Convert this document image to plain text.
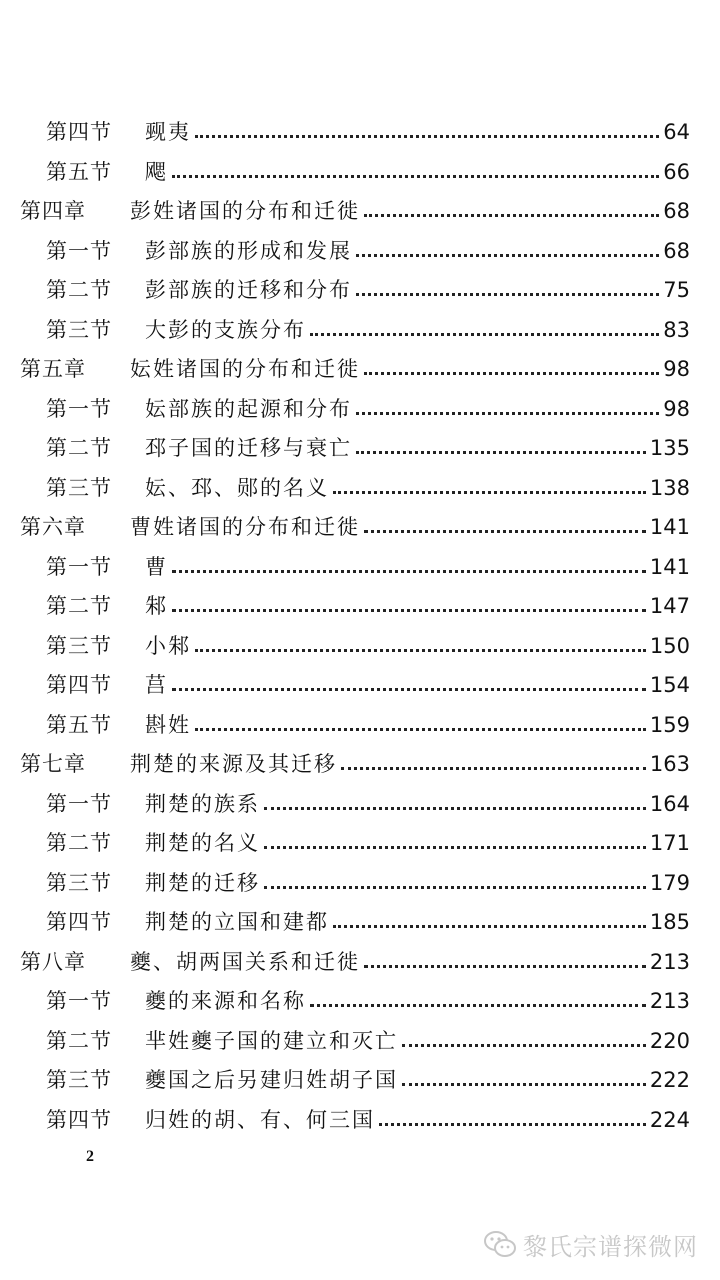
第四节 觋夷	64
第五节 飔	66
第四章 彭姓诸国的分布和迁徙	68
第一节 彭部族的形成和发展	68
第二节 彭部族的迁移和分布	75
第三节 大彭的支族分布	83
第五章 妘姓诸国的分布和迁徙	98
第一节 妘部族的起源和分布	98
第二节 邳子国的迁移与衰亡	135
第三节 妘、邳、郧的名义	138
第六章 曹姓诸国的分布和迁徙	141
第一节 曹	141
第二节 邾	147
第三节 小邾	150
第四节 莒	154
第五节 斟姓	159
第七章 荆楚的来源及其迁移	163
第一节 荆楚的族系	164
第二节 荆楚的名义	171
第三节 荆楚的迁移	179
第四节 荆楚的立国和建都	185
第八章 夔、胡两国关系和迁徙	213
第一节 夔的来源和名称	213
第二节 芈姓夔子国的建立和灭亡	220
第三节 夔国之后另建归姓胡子国	222
第四节 归姓的胡、有、何三国	224
2
黎氏宗谱探微网
